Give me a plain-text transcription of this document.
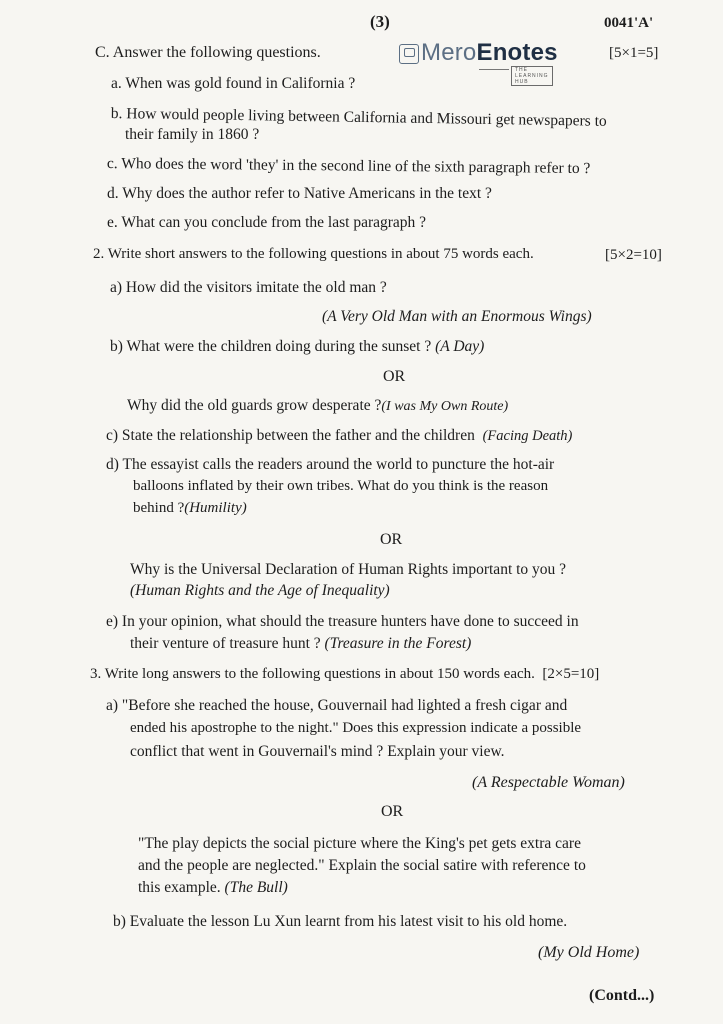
(3)	0041'A'
C. Answer the following questions.	MeroEnotes
THE LEARNING HUB
[5×1=5]
a. When was gold found in California ?
b. How would people living between California and Missouri get newspapers to
their family in 1860 ?
c. Who does the word 'they' in the second line of the sixth paragraph refer to ?
d. Why does the author refer to Native Americans in the text ?
e. What can you conclude from the last paragraph ?
2. Write short answers to the following questions in about 75 words each.	[5×2=10]
a) How did the visitors imitate the old man ?
(A Very Old Man with an Enormous Wings)
b) What were the children doing during the sunset ? (A Day)
OR
Why did the old guards grow desperate ?(I was My Own Route)
c) State the relationship between the father and the children (Facing Death)
d) The essayist calls the readers around the world to puncture the hot-air
balloons inflated by their own tribes. What do you think is the reason
behind ?(Humility)
OR
Why is the Universal Declaration of Human Rights important to you ?
(Human Rights and the Age of Inequality)
e) In your opinion, what should the treasure hunters have done to succeed in
their venture of treasure hunt ? (Treasure in the Forest)
3. Write long answers to the following questions in about 150 words each. [2×5=10]
a) "Before she reached the house, Gouvernail had lighted a fresh cigar and
ended his apostrophe to the night." Does this expression indicate a possible
conflict that went in Gouvernail's mind ? Explain your view.
(A Respectable Woman)
OR
"The play depicts the social picture where the King's pet gets extra care
and the people are neglected." Explain the social satire with reference to
this example. (The Bull)
b) Evaluate the lesson Lu Xun learnt from his latest visit to his old home.
(My Old Home)
(Contd...)
